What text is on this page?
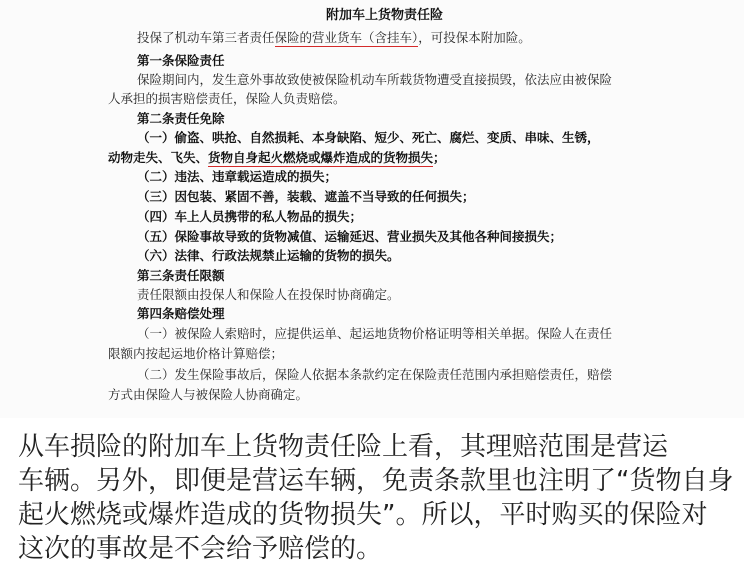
附加车上货物责任险
投保了机动车第三者责任保险的营业货车（含挂车），可投保本附加险。
第一条保险责任
保险期间内，发生意外事故致使被保险机动车所载货物遭受直接损毁，依法应由被保险
人承担的损害赔偿责任，保险人负责赔偿。
第二条责任免除
（一）偷盗、哄抢、自然损耗、本身缺陷、短少、死亡、腐烂、变质、串味、生锈，
动物走失、飞失、货物自身起火燃烧或爆炸造成的货物损失；
（二）违法、违章载运造成的损失；
（三）因包装、紧固不善，装载、遮盖不当导致的任何损失；
（四）车上人员携带的私人物品的损失；
（五）保险事故导致的货物减值、运输延迟、营业损失及其他各种间接损失；
（六）法律、行政法规禁止运输的货物的损失。
第三条责任限额
责任限额由投保人和保险人在投保时协商确定。
第四条赔偿处理
（一）被保险人索赔时，应提供运单、起运地货物价格证明等相关单据。保险人在责任
限额内按起运地价格计算赔偿；
（二）发生保险事故后，保险人依据本条款约定在保险责任范围内承担赔偿责任，赔偿
方式由保险人与被保险人协商确定。
从车损险的附加车上货物责任险上看，其理赔范围是营运
车辆。另外，即便是营运车辆，免责条款里也注明了“货物自身
起火燃烧或爆炸造成的货物损失”。所以，平时购买的保险对
这次的事故是不会给予赔偿的。
